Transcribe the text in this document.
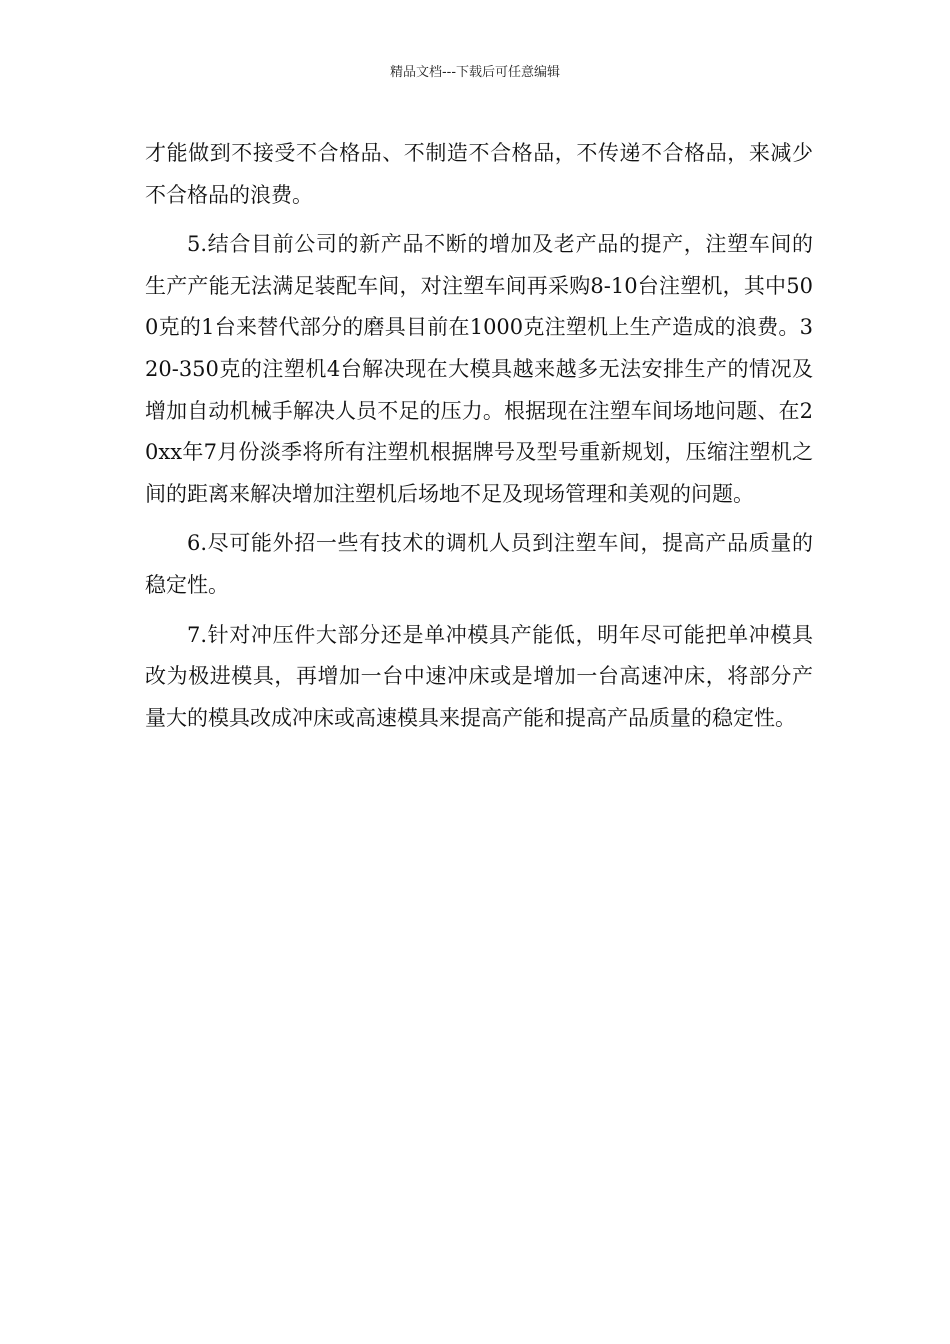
精品文档---下载后可任意编辑

才能做到不接受不合格品、不制造不合格品，不传递不合格品，来减少不合格品的浪费。

5.结合目前公司的新产品不断的增加及老产品的提产，注塑车间的生产产能无法满足装配车间，对注塑车间再采购8-10台注塑机，其中500克的1台来替代部分的磨具目前在1000克注塑机上生产造成的浪费。320-350克的注塑机4台解决现在大模具越来越多无法安排生产的情况及增加自动机械手解决人员不足的压力。根据现在注塑车间场地问题、在20xx年7月份淡季将所有注塑机根据牌号及型号重新规划，压缩注塑机之间的距离来解决增加注塑机后场地不足及现场管理和美观的问题。

6.尽可能外招一些有技术的调机人员到注塑车间，提高产品质量的稳定性。

7.针对冲压件大部分还是单冲模具产能低，明年尽可能把单冲模具改为极进模具，再增加一台中速冲床或是增加一台高速冲床，将部分产量大的模具改成冲床或高速模具来提高产能和提高产品质量的稳定性。
